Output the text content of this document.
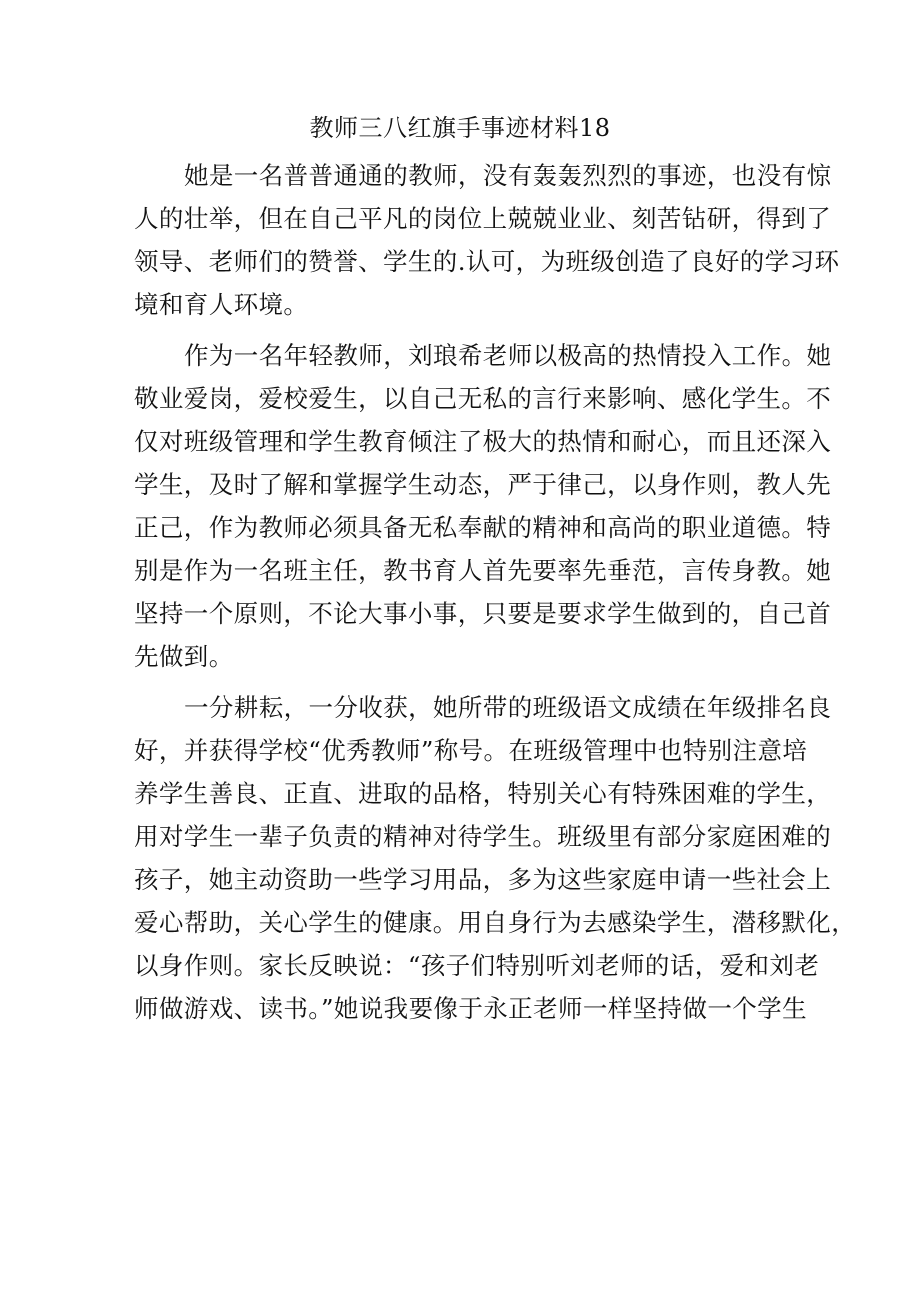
教师三八红旗手事迹材料18
她是一名普普通通的教师，没有轰轰烈烈的事迹，也没有惊
人的壮举，但在自己平凡的岗位上兢兢业业、刻苦钻研，得到了
领导、老师们的赞誉、学生的.认可，为班级创造了良好的学习环
境和育人环境。
作为一名年轻教师，刘琅希老师以极高的热情投入工作。她
敬业爱岗，爱校爱生，以自己无私的言行来影响、感化学生。不
仅对班级管理和学生教育倾注了极大的热情和耐心，而且还深入
学生，及时了解和掌握学生动态，严于律己，以身作则，教人先
正己，作为教师必须具备无私奉献的精神和高尚的职业道德。特
别是作为一名班主任，教书育人首先要率先垂范，言传身教。她
坚持一个原则，不论大事小事，只要是要求学生做到的，自己首
先做到。
一分耕耘，一分收获，她所带的班级语文成绩在年级排名良
好，并获得学校“优秀教师”称号。在班级管理中也特别注意培
养学生善良、正直、进取的品格，特别关心有特殊困难的学生，
用对学生一辈子负责的精神对待学生。班级里有部分家庭困难的
孩子，她主动资助一些学习用品，多为这些家庭申请一些社会上
爱心帮助，关心学生的健康。用自身行为去感染学生，潜移默化，
以身作则。家长反映说：“孩子们特别听刘老师的话，爱和刘老
师做游戏、读书。”她说我要像于永正老师一样坚持做一个学生
